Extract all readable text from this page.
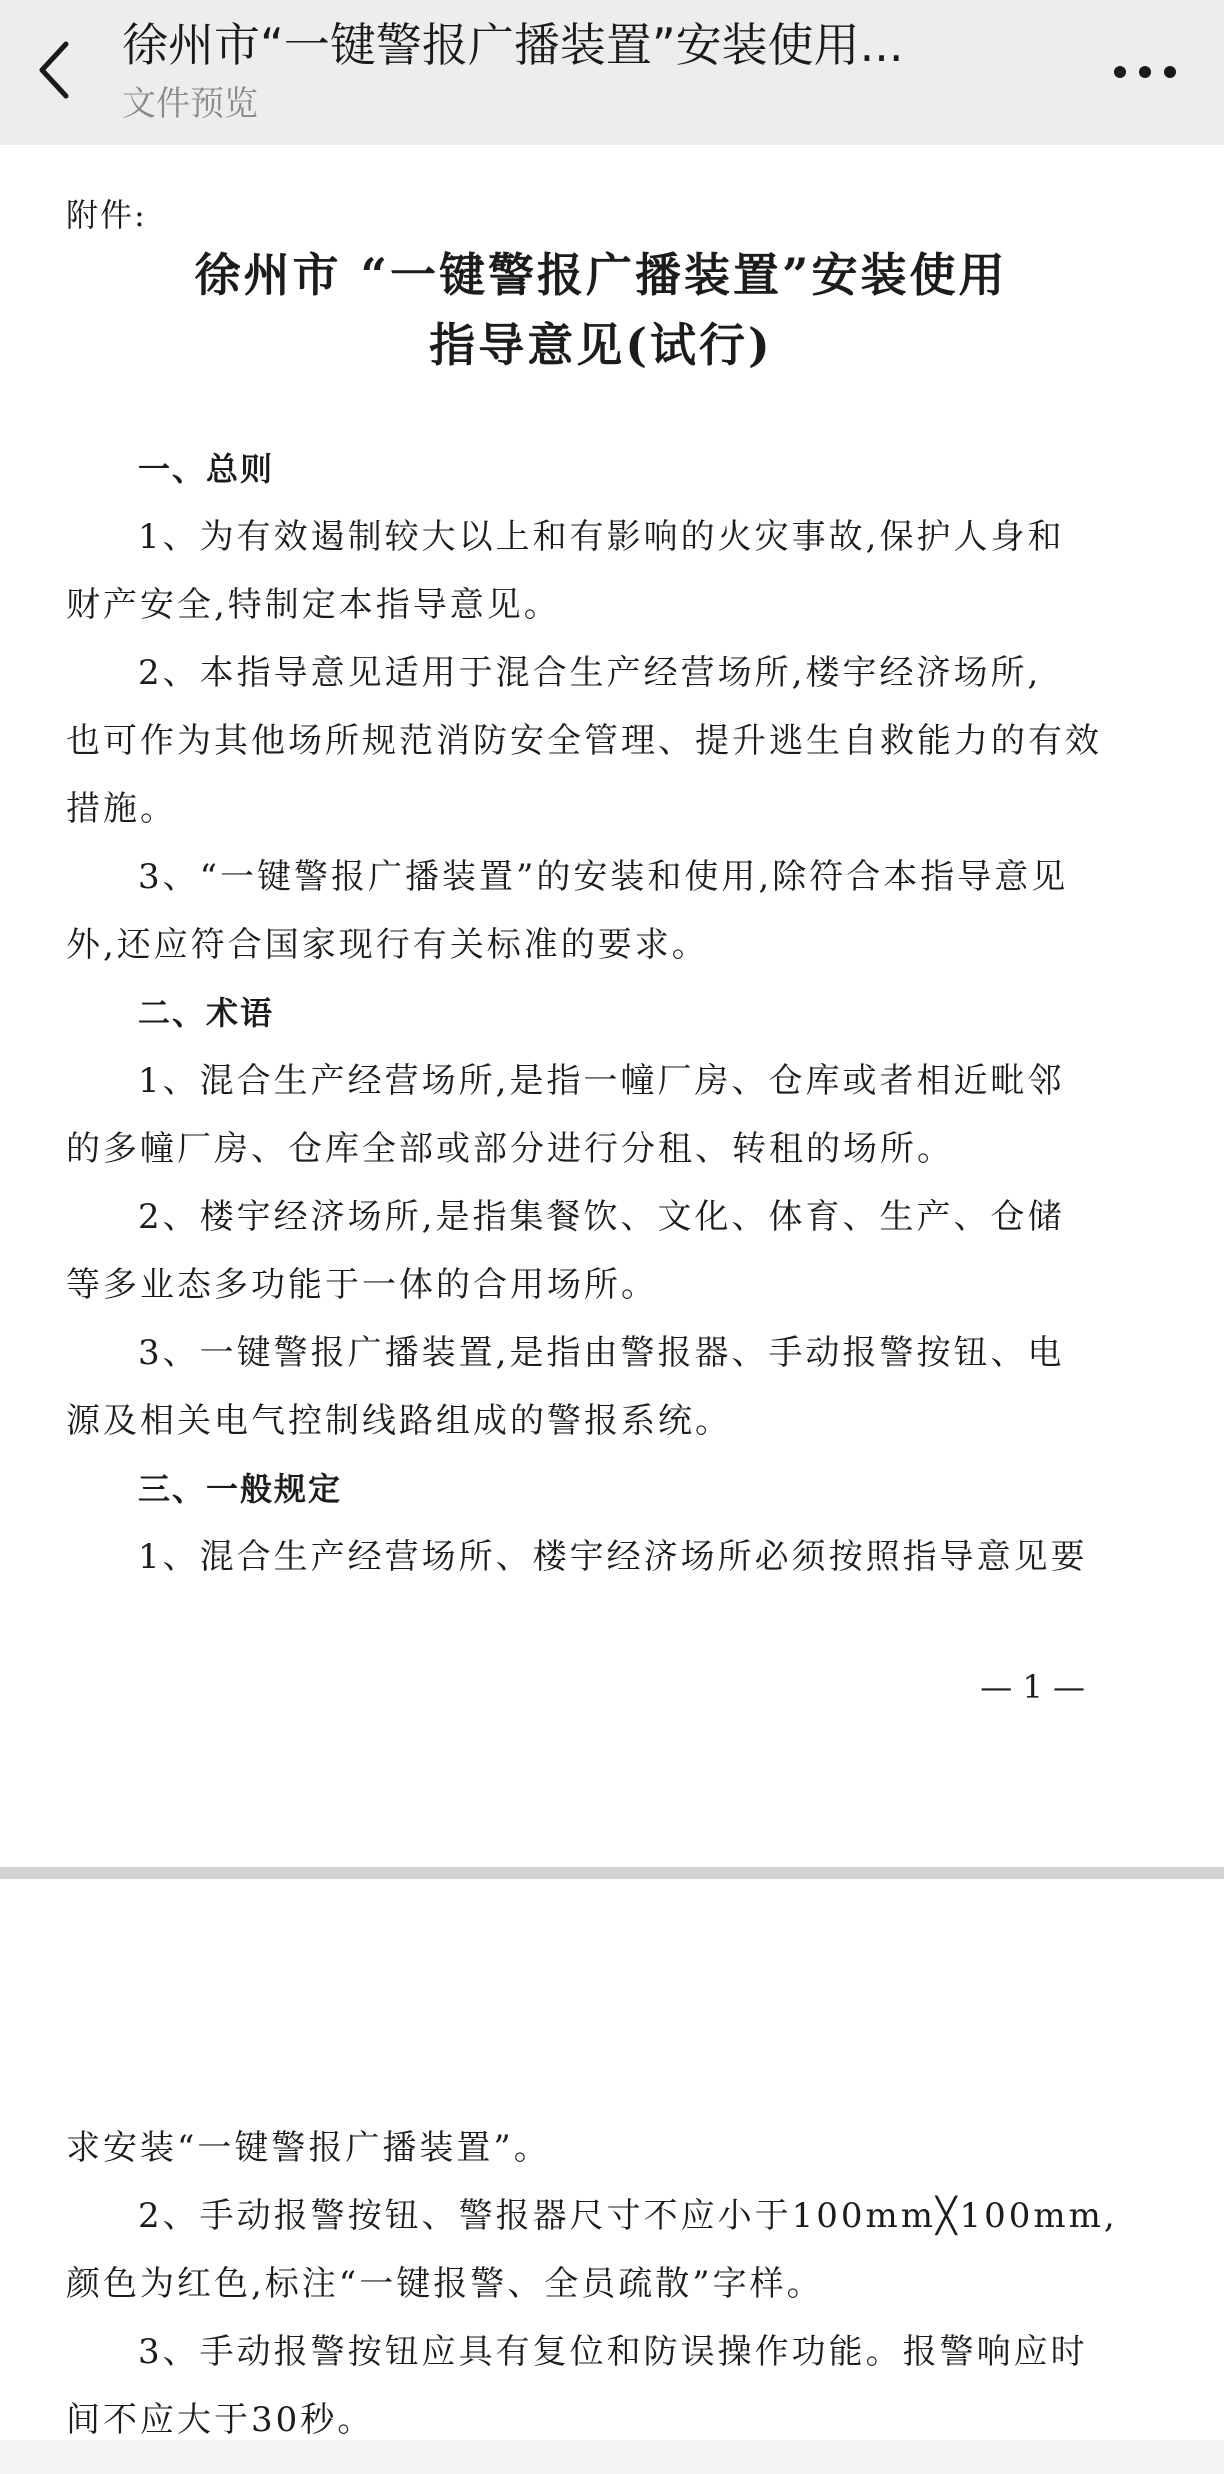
徐州市“一键警报广播装置”安装使用...
文件预览
附件:
徐州市 “一键警报广播装置”安装使用
指导意见(试行)
一、总则
1、为有效遏制较大以上和有影响的火灾事故,保护人身和
财产安全,特制定本指导意见。
2、本指导意见适用于混合生产经营场所,楼宇经济场所,
也可作为其他场所规范消防安全管理、提升逃生自救能力的有效
措施。
3、“一键警报广播装置”的安装和使用,除符合本指导意见
外,还应符合国家现行有关标准的要求。
二、术语
1、混合生产经营场所,是指一幢厂房、仓库或者相近毗邻
的多幢厂房、仓库全部或部分进行分租、转租的场所。
2、楼宇经济场所,是指集餐饮、文化、体育、生产、仓储
等多业态多功能于一体的合用场所。
3、一键警报广播装置,是指由警报器、手动报警按钮、电
源及相关电气控制线路组成的警报系统。
三、一般规定
1、混合生产经营场所、楼宇经济场所必须按照指导意见要
— 1 —
求安装“一键警报广播装置”。
2、手动报警按钮、警报器尺寸不应小于100mm╳100mm,
颜色为红色,标注“一键报警、全员疏散”字样。
3、手动报警按钮应具有复位和防误操作功能。报警响应时
间不应大于30秒。
